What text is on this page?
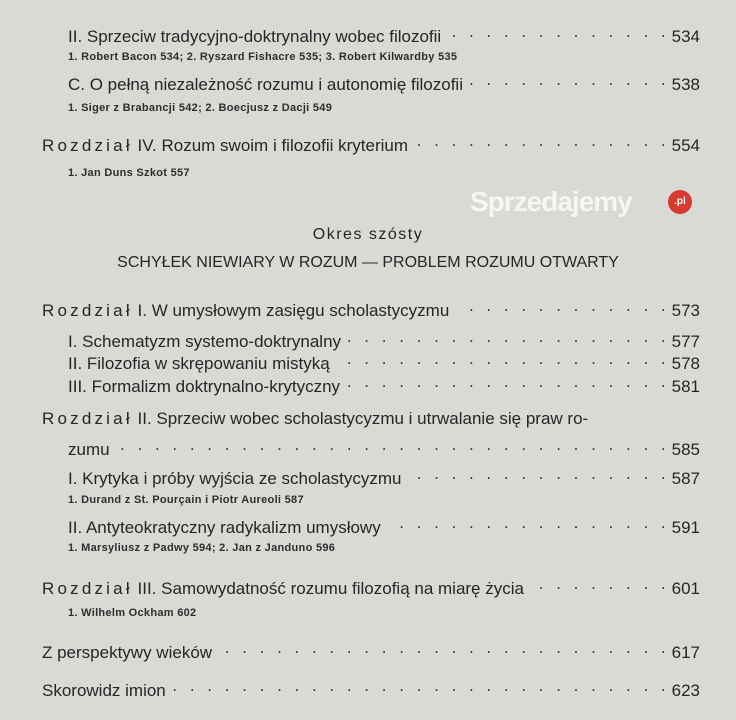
II. Sprzeciw tradycyjno-doktrynalny wobec filozofii . . .	534
1. Robert Bacon 534; 2. Ryszard Fishacre 535; 3. Robert Kilwardby 535
C. O pełną niezależność rozumu i autonomię filozofii . . .	538
1. Siger z Brabancji 542; 2. Boecjusz z Dacji 549
Rozdział IV. Rozum swoim i filozofii kryterium . . .	554
1. Jan Duns Szkot 557
Sprzedajemy	.pl
Okres szósty
SCHYŁEK NIEWIARY W ROZUM — PROBLEM ROZUMU OTWARTY
Rozdział I. W umysłowym zasięgu scholastycyzmu . . .	573
I. Schematyzm systemo-doktrynalny . . .	577
II. Filozofia w skrępowaniu mistyką . . .	578
III. Formalizm doktrynalno-krytyczny . . .	581
Rozdział II. Sprzeciw wobec scholastycyzmu i utrwalanie się praw ro-
zumu . . .	585
I. Krytyka i próby wyjścia ze scholastycyzmu . . .	587
1. Durand z St. Pourçain i Piotr Aureoli 587
II. Antyteokratyczny radykalizm umysłowy . . .	591
1. Marsyliusz z Padwy 594; 2. Jan z Janduno 596
Rozdział III. Samowydatność rozumu filozofią na miarę życia . . .	601
1. Wilhelm Ockham 602
Z perspektywy wieków . . .	617
Skorowidz imion . . .	623
